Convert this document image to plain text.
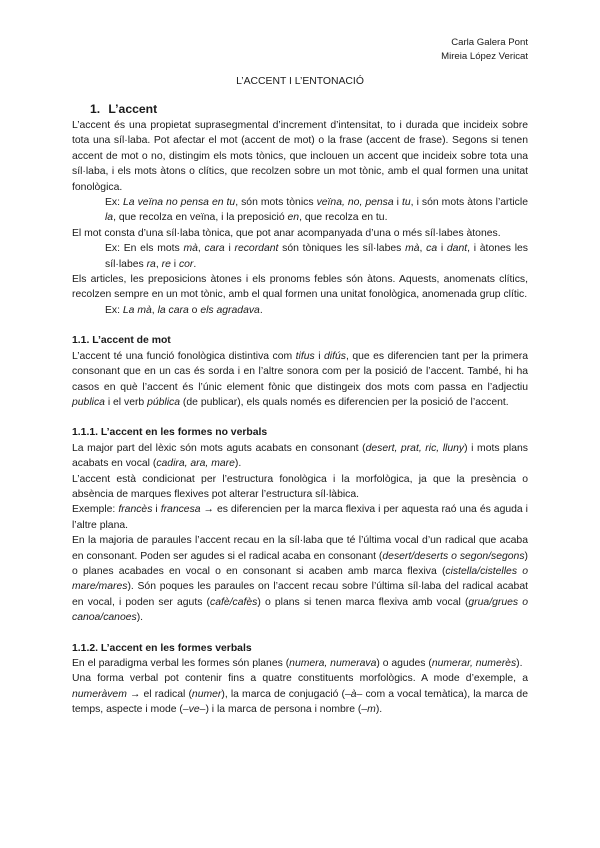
Carla Galera Pont
Mireia López Vericat
L’ACCENT I L’ENTONACIÓ
1. L’accent

L’accent és una propietat suprasegmental d’increment d’intensitat, to i durada que incideix sobre tota una síl·laba. Pot afectar el mot (accent de mot) o la frase (accent de frase). Segons si tenen accent de mot o no, distingim els mots tònics, que inclouen un accent que incideix sobre tota una síl·laba, i els mots àtons o clítics, que recolzen sobre un mot tònic, amb el qual formen una unitat fonològica.

Ex: La veïna no pensa en tu, són mots tònics veïna, no, pensa i tu, i són mots àtons l’article la, que recolza en veïna, i la preposició en, que recolza en tu.

El mot consta d’una síl·laba tònica, que pot anar acompanyada d’una o més síl·labes àtones.

Ex: En els mots mà, cara i recordant són tòniques les síl·labes mà, ca i dant, i àtones les síl·labes ra, re i cor.

Els articles, les preposicions àtones i els pronoms febles són àtons. Aquests, anomenats clítics, recolzen sempre en un mot tònic, amb el qual formen una unitat fonològica, anomenada grup clític.

Ex: La mà, la cara o els agradava.

1.1. L’accent de mot

L’accent té una funció fonològica distintiva com tifus i difús, que es diferencien tant per la primera consonant que en un cas és sorda i en l’altre sonora com per la posició de l’accent. També, hi ha casos en què l’accent és l’únic element fònic que distingeix dos mots com passa en l’adjectiu publica i el verb pública (de publicar), els quals només es diferencien per la posició de l’accent.

1.1.1. L’accent en les formes no verbals

La major part del lèxic són mots aguts acabats en consonant (desert, prat, ric, lluny) i mots plans acabats en vocal (cadira, ara, mare).

L’accent està condicionat per l’estructura fonològica i la morfològica, ja que la presència o absència de marques flexives pot alterar l’estructura síl·làbica.

Exemple: francès i francesa → es diferencien per la marca flexiva i per aquesta raó una és aguda i l’altre plana.

En la majoria de paraules l’accent recau en la síl·laba que té l’última vocal d’un radical que acaba en consonant. Poden ser agudes si el radical acaba en consonant (desert/deserts o segon/segons) o planes acabades en vocal o en consonant si acaben amb marca flexiva (cistella/cistelles o mare/mares). Són poques les paraules on l’accent recau sobre l’última síl·laba del radical acabat en vocal, i poden ser aguts (cafè/cafès) o plans si tenen marca flexiva amb vocal (grua/grues o canoa/canoes).

1.1.2. L’accent en les formes verbals

En el paradigma verbal les formes són planes (numera, numerava) o agudes (numerar, numerès).

Una forma verbal pot contenir fins a quatre constituents morfològics. A mode d’exemple, a numeràvem → el radical (numer), la marca de conjugació (–à– com a vocal temàtica), la marca de temps, aspecte i mode (–ve–) i la marca de persona i nombre (–m).
